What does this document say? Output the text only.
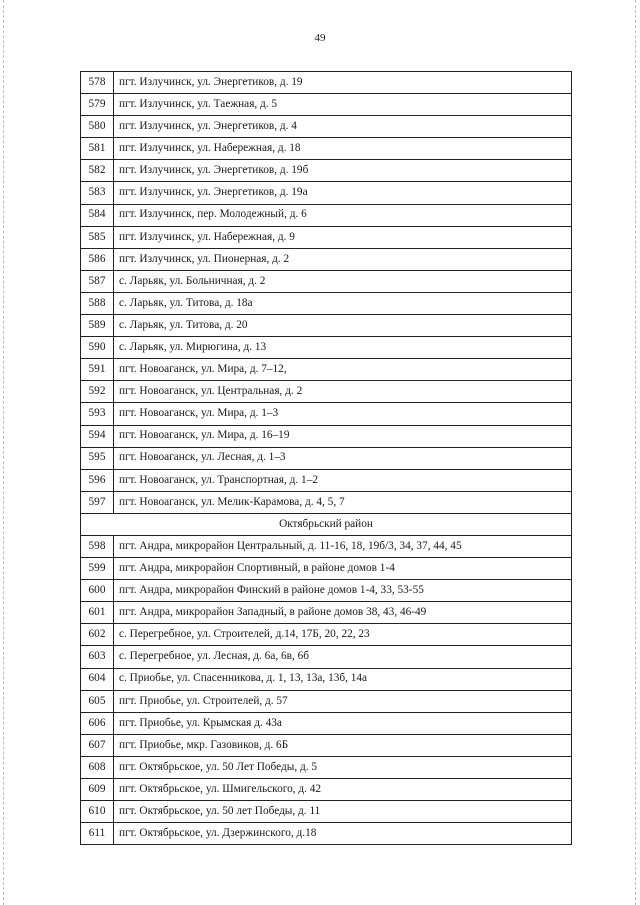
49
578	пгт. Излучинск, ул. Энергетиков, д. 19
579	пгт. Излучинск, ул. Таежная, д. 5
580	пгт. Излучинск, ул. Энергетиков, д. 4
581	пгт. Излучинск, ул. Набережная, д. 18
582	пгт. Излучинск, ул. Энергетиков, д. 19б
583	пгт. Излучинск, ул. Энергетиков, д. 19а
584	пгт. Излучинск, пер. Молодежный, д. 6
585	пгт. Излучинск, ул. Набережная, д. 9
586	пгт. Излучинск, ул. Пионерная, д. 2
587	с. Ларьяк, ул. Больничная, д. 2
588	с. Ларьяк, ул. Титова, д. 18а
589	с. Ларьяк, ул. Титова, д. 20
590	с. Ларьяк, ул. Мирюгина, д. 13
591	пгт. Новоаганск, ул. Мира, д. 7–12,
592	пгт. Новоаганск, ул. Центральная, д. 2
593	пгт. Новоаганск, ул. Мира, д. 1–3
594	пгт. Новоаганск, ул. Мира, д. 16–19
595	пгт. Новоаганск, ул. Лесная, д. 1–3
596	пгт. Новоаганск, ул. Транспортная, д. 1–2
597	пгт. Новоаганск, ул. Мелик-Карамова, д. 4, 5, 7
Октябрьский район	
598	пгт. Андра, микрорайон Центральный, д. 11-16, 18, 19б/3, 34, 37, 44, 45
599	пгт. Андра, микрорайон Спортивный, в районе домов 1-4
600	пгт. Андра, микрорайон Финский в районе домов 1-4, 33, 53-55
601	пгт. Андра, микрорайон Западный, в районе домов 38, 43, 46-49
602	с. Перегребное, ул. Строителей, д.14, 17Б, 20, 22, 23
603	с. Перегребное, ул. Лесная, д. 6а, 6в, 6б
604	с. Приобье, ул. Спасенникова, д. 1, 13, 13а, 13б, 14а
605	пгт. Приобье, ул. Строителей, д. 57
606	пгт. Приобье, ул. Крымская д. 43а
607	пгт. Приобье, мкр. Газовиков, д. 6Б
608	пгт. Октябрьское, ул. 50 Лет Победы, д. 5
609	пгт. Октябрьское, ул. Шмигельского, д. 42
610	пгт. Октябрьское, ул. 50 лет Победы, д. 11
611	пгт. Октябрьское, ул. Дзержинского, д.18
